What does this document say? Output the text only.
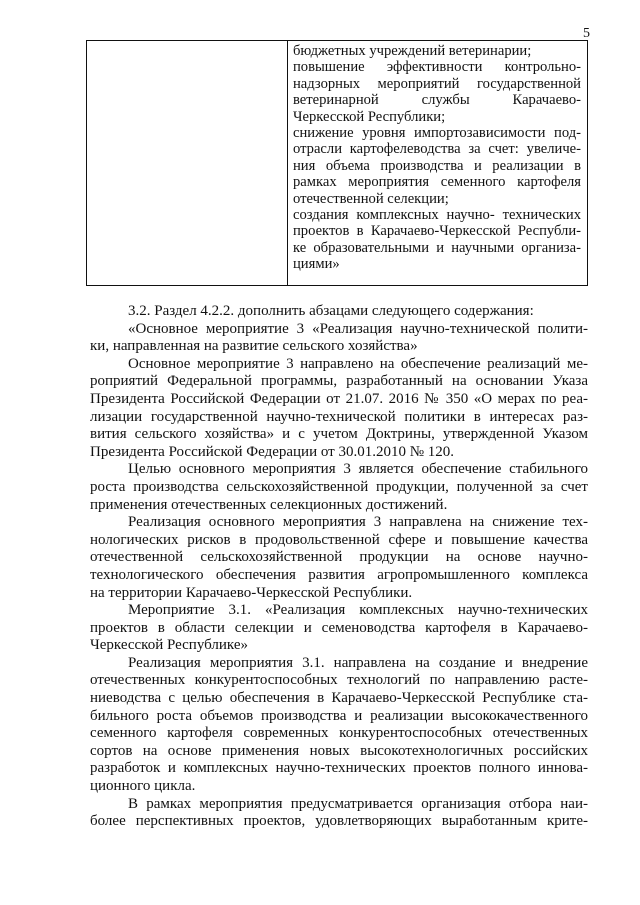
5
бюджетных учреждений ветеринарии;
повышение эффективности контрольно-
надзорных мероприятий государственной
ветеринарной службы Карачаево-
Черкесской Республики;
снижение уровня импортозависимости под-
отрасли картофелеводства за счет: увеличе-
ния объема производства и реализации в
рамках мероприятия семенного картофеля
отечественной селекции;
создания комплексных научно- технических
проектов в Карачаево-Черкесской Республи-
ке образовательными и научными организа-
циями»
3.2. Раздел 4.2.2. дополнить абзацами следующего содержания:
«Основное мероприятие 3 «Реализация научно-технической полити-
ки, направленная на развитие сельского хозяйства»
Основное мероприятие 3 направлено на обеспечение реализаций ме-
роприятий Федеральной программы, разработанный на основании Указа
Президента Российской Федерации от 21.07. 2016 № 350 «О мерах по реа-
лизации государственной научно-технической политики в интересах раз-
вития сельского хозяйства» и с учетом Доктрины, утвержденной Указом
Президента Российской Федерации от 30.01.2010 № 120.
Целью основного мероприятия 3 является обеспечение стабильного
роста производства сельскохозяйственной продукции, полученной за счет
применения отечественных селекционных достижений.
Реализация основного мероприятия 3 направлена на снижение тех-
нологических рисков в продовольственной сфере и повышение качества
отечественной сельскохозяйственной продукции на основе научно-
технологического обеспечения развития агропромышленного комплекса
на территории Карачаево-Черкесской Республики.
Мероприятие 3.1. «Реализация комплексных научно-технических
проектов в области селекции и семеноводства картофеля в Карачаево-
Черкесской Республике»
Реализация мероприятия 3.1. направлена на создание и внедрение
отечественных конкурентоспособных технологий по направлению расте-
ниеводства с целью обеспечения в Карачаево-Черкесской Республике ста-
бильного роста объемов производства и реализации высококачественного
семенного картофеля современных конкурентоспособных отечественных
сортов на основе применения новых высокотехнологичных российских
разработок и комплексных научно-технических проектов полного иннова-
ционного цикла.
В рамках мероприятия предусматривается организация отбора наи-
более перспективных проектов, удовлетворяющих выработанным крите-
